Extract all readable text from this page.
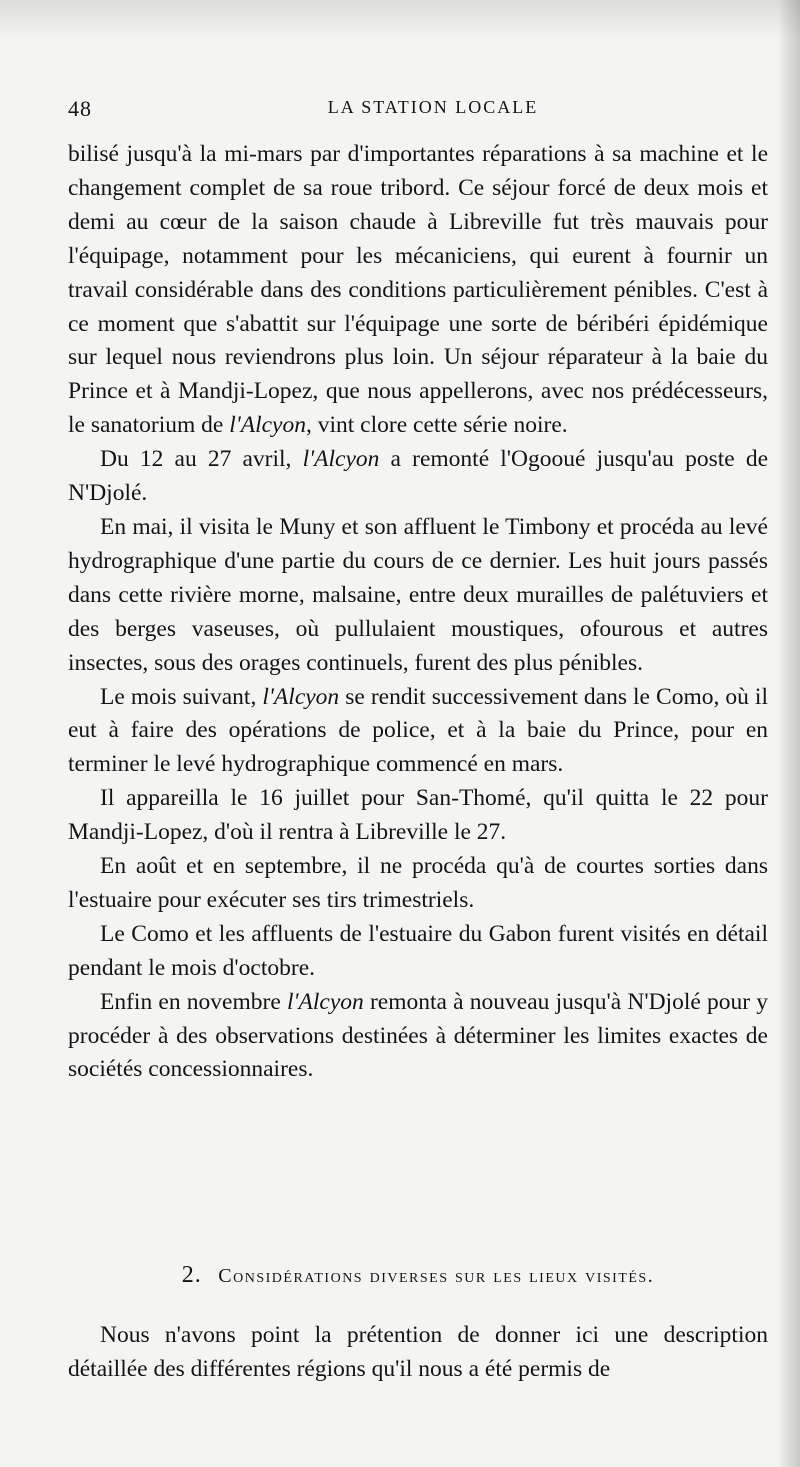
48	LA STATION LOCALE

bilisé jusqu'à la mi-mars par d'importantes réparations à sa machine et le changement complet de sa roue tribord. Ce séjour forcé de deux mois et demi au cœur de la saison chaude à Libreville fut très mauvais pour l'équipage, notamment pour les mécaniciens, qui eurent à fournir un travail considérable dans des conditions particulièrement pénibles. C'est à ce moment que s'abattit sur l'équipage une sorte de béribéri épidémique sur lequel nous reviendrons plus loin. Un séjour réparateur à la baie du Prince et à Mandji-Lopez, que nous appellerons, avec nos prédécesseurs, le sanatorium de l'Alcyon, vint clore cette série noire.

Du 12 au 27 avril, l'Alcyon a remonté l'Ogooué jusqu'au poste de N'Djolé.

En mai, il visita le Muny et son affluent le Timbony et procéda au levé hydrographique d'une partie du cours de ce dernier. Les huit jours passés dans cette rivière morne, malsaine, entre deux murailles de palétuviers et des berges vaseuses, où pullulaient moustiques, ofourous et autres insectes, sous des orages continuels, furent des plus pénibles.

Le mois suivant, l'Alcyon se rendit successivement dans le Como, où il eut à faire des opérations de police, et à la baie du Prince, pour en terminer le levé hydrographique commencé en mars.

Il appareilla le 16 juillet pour San-Thomé, qu'il quitta le 22 pour Mandji-Lopez, d'où il rentra à Libreville le 27.

En août et en septembre, il ne procéda qu'à de courtes sorties dans l'estuaire pour exécuter ses tirs trimestriels.

Le Como et les affluents de l'estuaire du Gabon furent visités en détail pendant le mois d'octobre.

Enfin en novembre l'Alcyon remonta à nouveau jusqu'à N'Djolé pour y procéder à des observations destinées à déterminer les limites exactes de sociétés concessionnaires.

2. Considérations diverses sur les lieux visités.

Nous n'avons point la prétention de donner ici une description détaillée des différentes régions qu'il nous a été permis de
